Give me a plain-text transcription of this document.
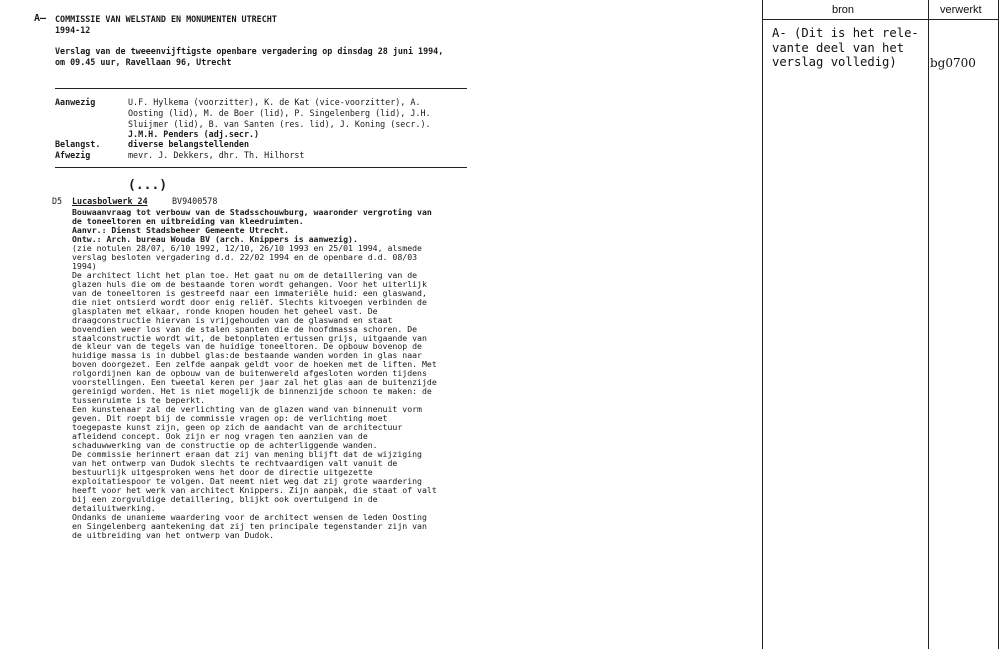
A— COMMISSIE VAN WELSTAND EN MONUMENTEN UTRECHT
1994-12
Verslag van de tweeenvijftigste openbare vergadering op dinsdag 28 juni 1994,
om 09.45 uur, Ravellaan 96, Utrecht
Aanwezig	U.F. Hylkema (voorzitter), K. de Kat (vice-voorzitter), A.
Oosting (lid), M. de Boer (lid), P. Singelenberg (lid), J.H.
Sluijmer (lid), B. van Santen (res. lid), J. Koning (secr.).
J.M.H. Penders (adj.secr.)
Belangst.	diverse belangstellenden
Afwezig	mevr. J. Dekkers, dhr. Th. Hilhorst
(...)
D5 Lucasbolwerk 24	BV9400578
Bouwaanvraag tot verbouw van de Stadsschouwburg, waaronder vergroting van
de toneeltoren en uitbreiding van kleedruimten.
Aanvr.: Dienst Stadsbeheer Gemeente Utrecht.
Ontw.: Arch. bureau Wouda BV (arch. Knippers is aanwezig).
(zie notulen 28/07, 6/10 1992, 12/10, 26/10 1993 en 25/01 1994, alsmede
verslag besloten vergadering d.d. 22/02 1994 en de openbare d.d. 08/03
1994)
De architect licht het plan toe. Het gaat nu om de detaillering van de
glazen huls die om de bestaande toren wordt gehangen. Voor het uiterlijk
van de toneeltoren is gestreefd naar een immateriële huid: een glaswand,
die niet ontsierd wordt door enig reliëf. Slechts kitvoegen verbinden de
glasplaten met elkaar, ronde knopen houden het geheel vast. De
draagconstructie hiervan is vrijgehouden van de glaswand en staat
bovendien weer los van de stalen spanten die de hoofdmassa schoren. De
staalconstructie wordt wit, de betonplaten ertussen grijs, uitgaande van
de kleur van de tegels van de huidige toneeltoren. De opbouw bovenop de
huidige massa is in dubbel glas:de bestaande wanden worden in glas naar
boven doorgezet. Een zelfde aanpak geldt voor de hoeken met de liften. Met
rolgordijnen kan de opbouw van de buitenwereld afgesloten worden tijdens
voorstellingen. Een tweetal keren per jaar zal het glas aan de buitenzijde
gereinigd worden. Het is niet mogelijk de binnenzijde schoon te maken: de
tussenruimte is te beperkt.
Een kunstenaar zal de verlichting van de glazen wand van binnenuit vorm
geven. Dit roept bij de commissie vragen op: de verlichting moet
toegepaste kunst zijn, geen op zich de aandacht van de architectuur
afleidend concept. Ook zijn er nog vragen ten aanzien van de
schaduwwerking van de constructie op de achterliggende wanden.
De commissie herinnert eraan dat zij van mening blijft dat de wijziging
van het ontwerp van Dudok slechts te rechtvaardigen valt vanuit de
bestuurlijk uitgesproken wens het door de directie uitgezette
exploitatiespoor te volgen. Dat neemt niet weg dat zij grote waardering
heeft voor het werk van architect Knippers. Zijn aanpak, die staat of valt
bij een zorgvuldige detaillering, blijkt ook overtuigend in de
detailuitwerking.
Ondanks de unanieme waardering voor de architect wensen de leden Oosting
en Singelenberg aantekening dat zij ten principale tegenstander zijn van
de uitbreiding van het ontwerp van Dudok.
bron	verwerkt
A- (Dit is het rele-
vante deel van het
verslag volledig)	bg0700
